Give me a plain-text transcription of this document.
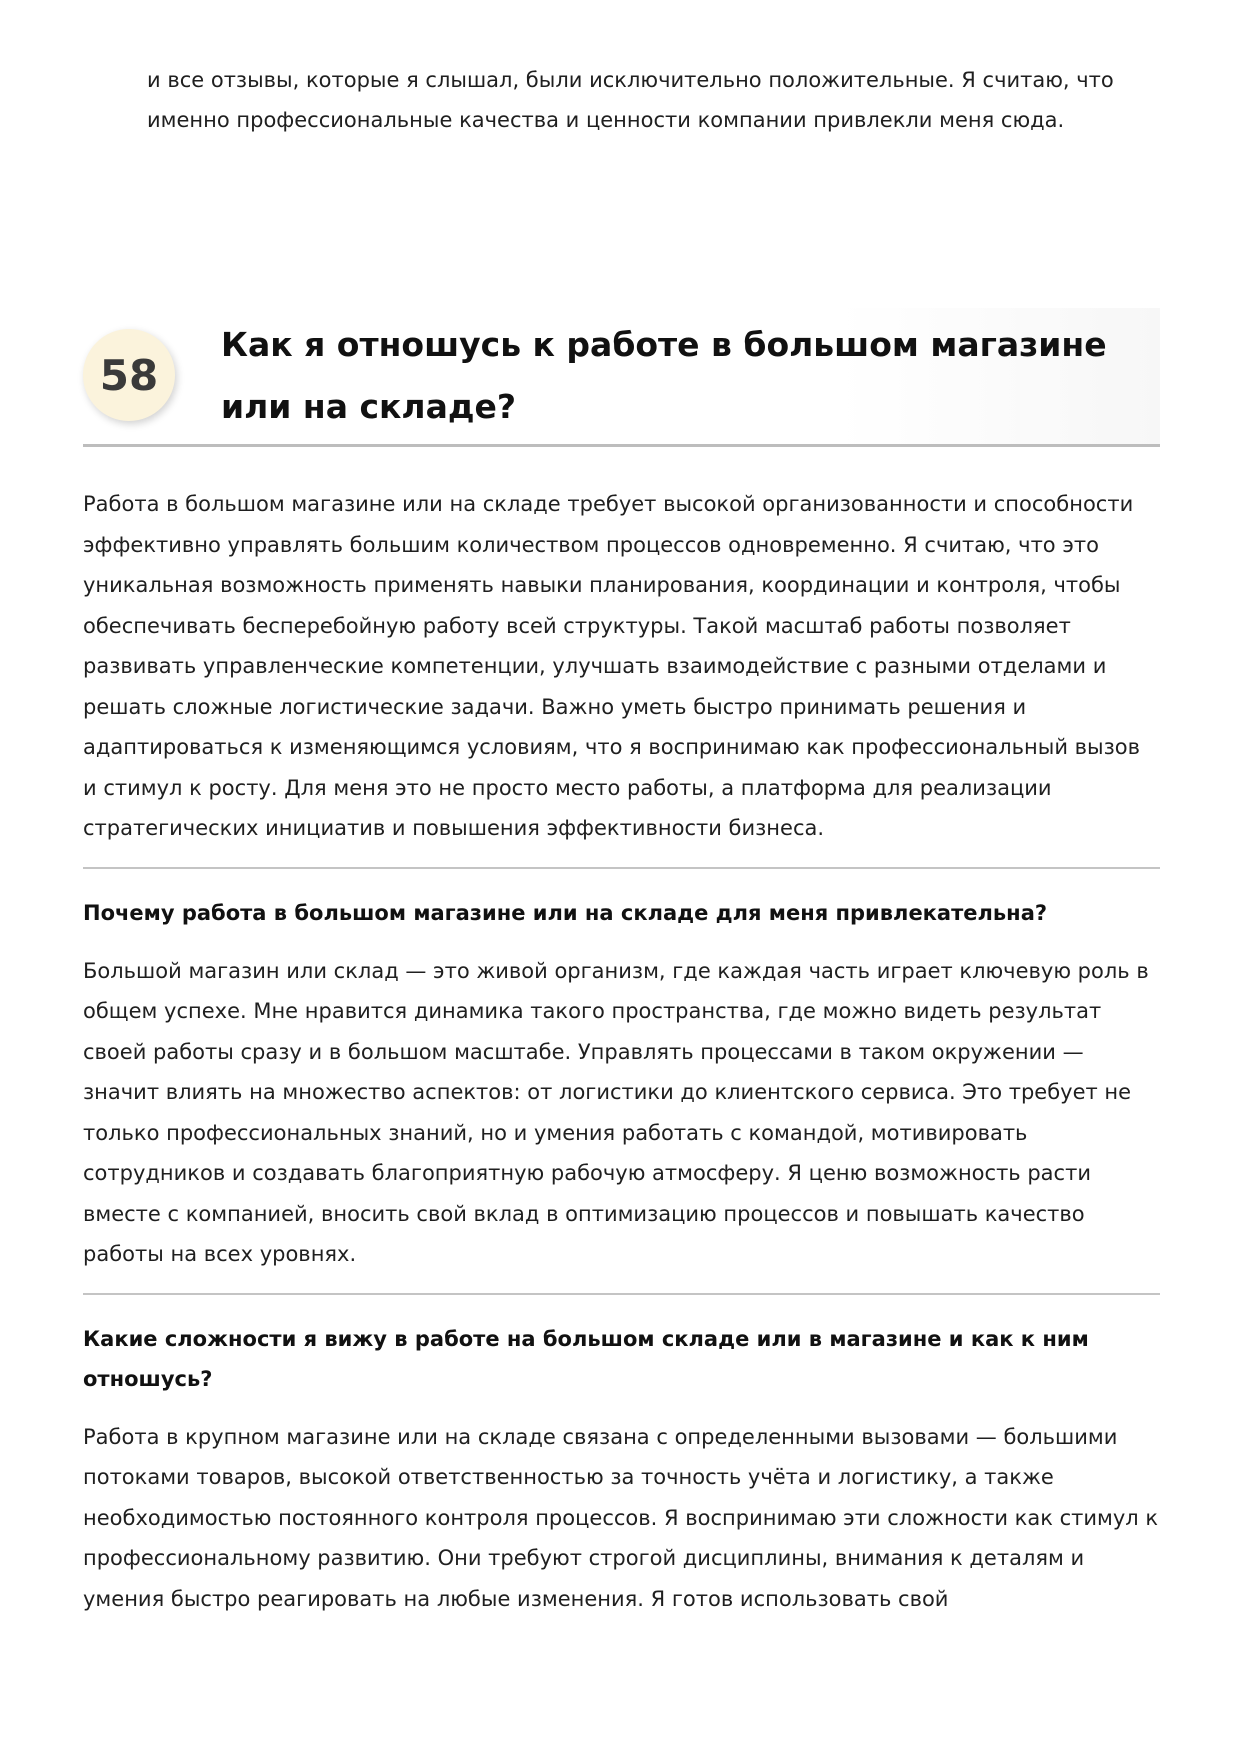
и все отзывы, которые я слышал, были исключительно положительные. Я считаю, что именно профессиональные качества и ценности компании привлекли меня сюда.

58
Как я отношусь к работе в большом магазине или на складе?

Работа в большом магазине или на складе требует высокой организованности и способности эффективно управлять большим количеством процессов одновременно. Я считаю, что это уникальная возможность применять навыки планирования, координации и контроля, чтобы обеспечивать бесперебойную работу всей структуры. Такой масштаб работы позволяет развивать управленческие компетенции, улучшать взаимодействие с разными отделами и решать сложные логистические задачи. Важно уметь быстро принимать решения и адаптироваться к изменяющимся условиям, что я воспринимаю как профессиональный вызов и стимул к росту. Для меня это не просто место работы, а платформа для реализации стратегических инициатив и повышения эффективности бизнеса.

Почему работа в большом магазине или на складе для меня привлекательна?

Большой магазин или склад — это живой организм, где каждая часть играет ключевую роль в общем успехе. Мне нравится динамика такого пространства, где можно видеть результат своей работы сразу и в большом масштабе. Управлять процессами в таком окружении — значит влиять на множество аспектов: от логистики до клиентского сервиса. Это требует не только профессиональных знаний, но и умения работать с командой, мотивировать сотрудников и создавать благоприятную рабочую атмосферу. Я ценю возможность расти вместе с компанией, вносить свой вклад в оптимизацию процессов и повышать качество работы на всех уровнях.

Какие сложности я вижу в работе на большом складе или в магазине и как к ним отношусь?

Работа в крупном магазине или на складе связана с определенными вызовами — большими потоками товаров, высокой ответственностью за точность учёта и логистику, а также необходимостью постоянного контроля процессов. Я воспринимаю эти сложности как стимул к профессиональному развитию. Они требуют строгой дисциплины, внимания к деталям и умения быстро реагировать на любые изменения. Я готов использовать свой
